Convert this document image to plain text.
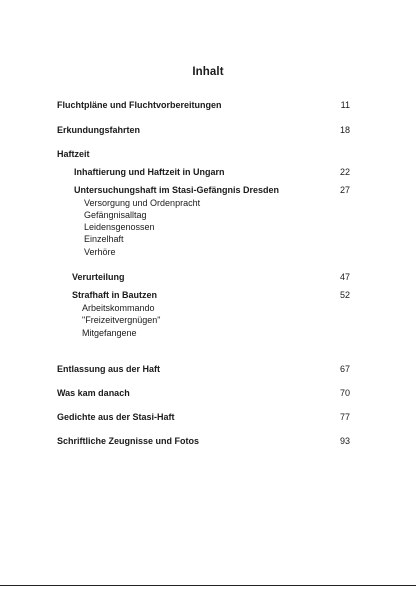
Inhalt
Fluchtpläne und Fluchtvorbereitungen	11
Erkundungsfahrten	18
Haftzeit
Inhaftierung und Haftzeit in Ungarn	22
Untersuchungshaft im Stasi-Gefängnis Dresden	27
Versorgung und Ordenpracht
Gefängnisalltag
Leidensgenossen
Einzelhaft
Verhöre
Verurteilung	47
Strafhaft in Bautzen	52
Arbeitskommando
"Freizeitvergnügen"
Mitgefangene
Entlassung aus der Haft	67
Was kam danach	70
Gedichte aus der Stasi-Haft	77
Schriftliche Zeugnisse und Fotos	93
